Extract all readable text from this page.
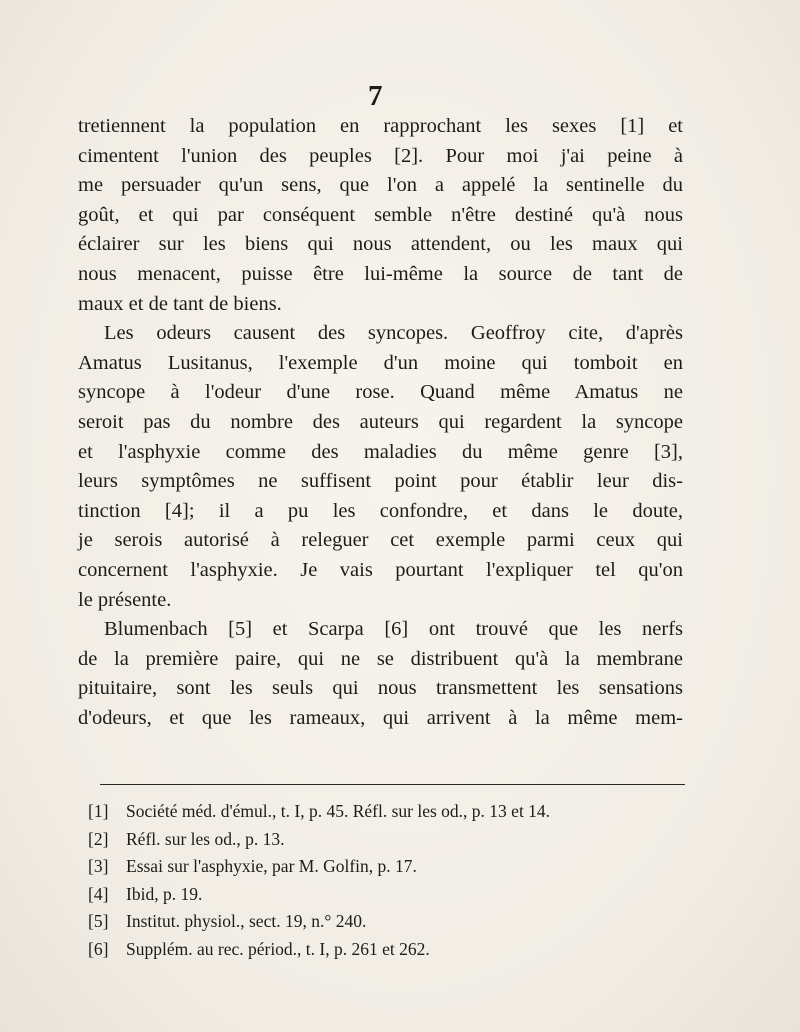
7
tretiennent la population en rapprochant les sexes [1] et
cimentent l'union des peuples [2]. Pour moi j'ai peine à
me persuader qu'un sens, que l'on a appelé la sentinelle du
goût, et qui par conséquent semble n'être destiné qu'à nous
éclairer sur les biens qui nous attendent, ou les maux qui
nous menacent, puisse être lui-même la source de tant de
maux et de tant de biens.
Les odeurs causent des syncopes. Geoffroy cite, d'après
Amatus Lusitanus, l'exemple d'un moine qui tomboit en
syncope à l'odeur d'une rose. Quand même Amatus ne
seroit pas du nombre des auteurs qui regardent la syncope
et l'asphyxie comme des maladies du même genre [3],
leurs symptômes ne suffisent point pour établir leur dis-
tinction [4]; il a pu les confondre, et dans le doute,
je serois autorisé à releguer cet exemple parmi ceux qui
concernent l'asphyxie. Je vais pourtant l'expliquer tel qu'on
le présente.
Blumenbach [5] et Scarpa [6] ont trouvé que les nerfs
de la première paire, qui ne se distribuent qu'à la membrane
pituitaire, sont les seuls qui nous transmettent les sensations
d'odeurs, et que les rameaux, qui arrivent à la même mem-
[1] Société méd. d'émul., t. I, p. 45. Réfl. sur les od., p. 13 et 14.
[2] Réfl. sur les od., p. 13.
[3] Essai sur l'asphyxie, par M. Golfin, p. 17.
[4] Ibid, p. 19.
[5] Institut. physiol., sect. 19, n.° 240.
[6] Supplém. au rec. périod., t. I, p. 261 et 262.
